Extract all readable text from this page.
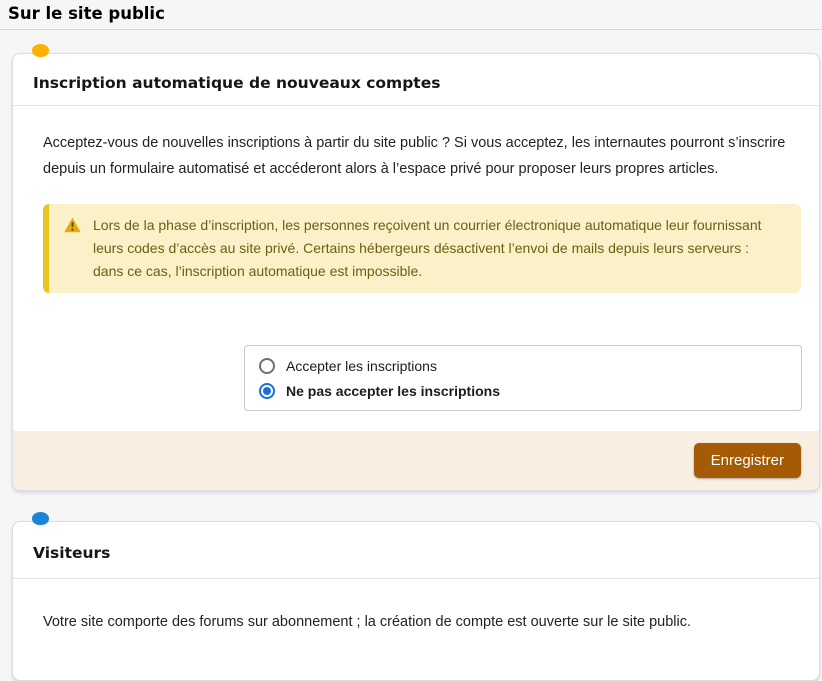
Sur le site public
Inscription automatique de nouveaux comptes

Acceptez-vous de nouvelles inscriptions à partir du site public ? Si vous acceptez, les internautes pourront s’inscrire depuis un formulaire automatisé et accéderont alors à l’espace privé pour proposer leurs propres articles.

Lors de la phase d’inscription, les personnes reçoivent un courrier électronique automatique leur fournissant leurs codes d’accès au site privé. Certains hébergeurs désactivent l’envoi de mails depuis leurs serveurs : dans ce cas, l’inscription automatique est impossible.
Accepter les inscriptions
Ne pas accepter les inscriptions
Enregistrer
Visiteurs

Votre site comporte des forums sur abonnement ; la création de compte est ouverte sur le site public.
